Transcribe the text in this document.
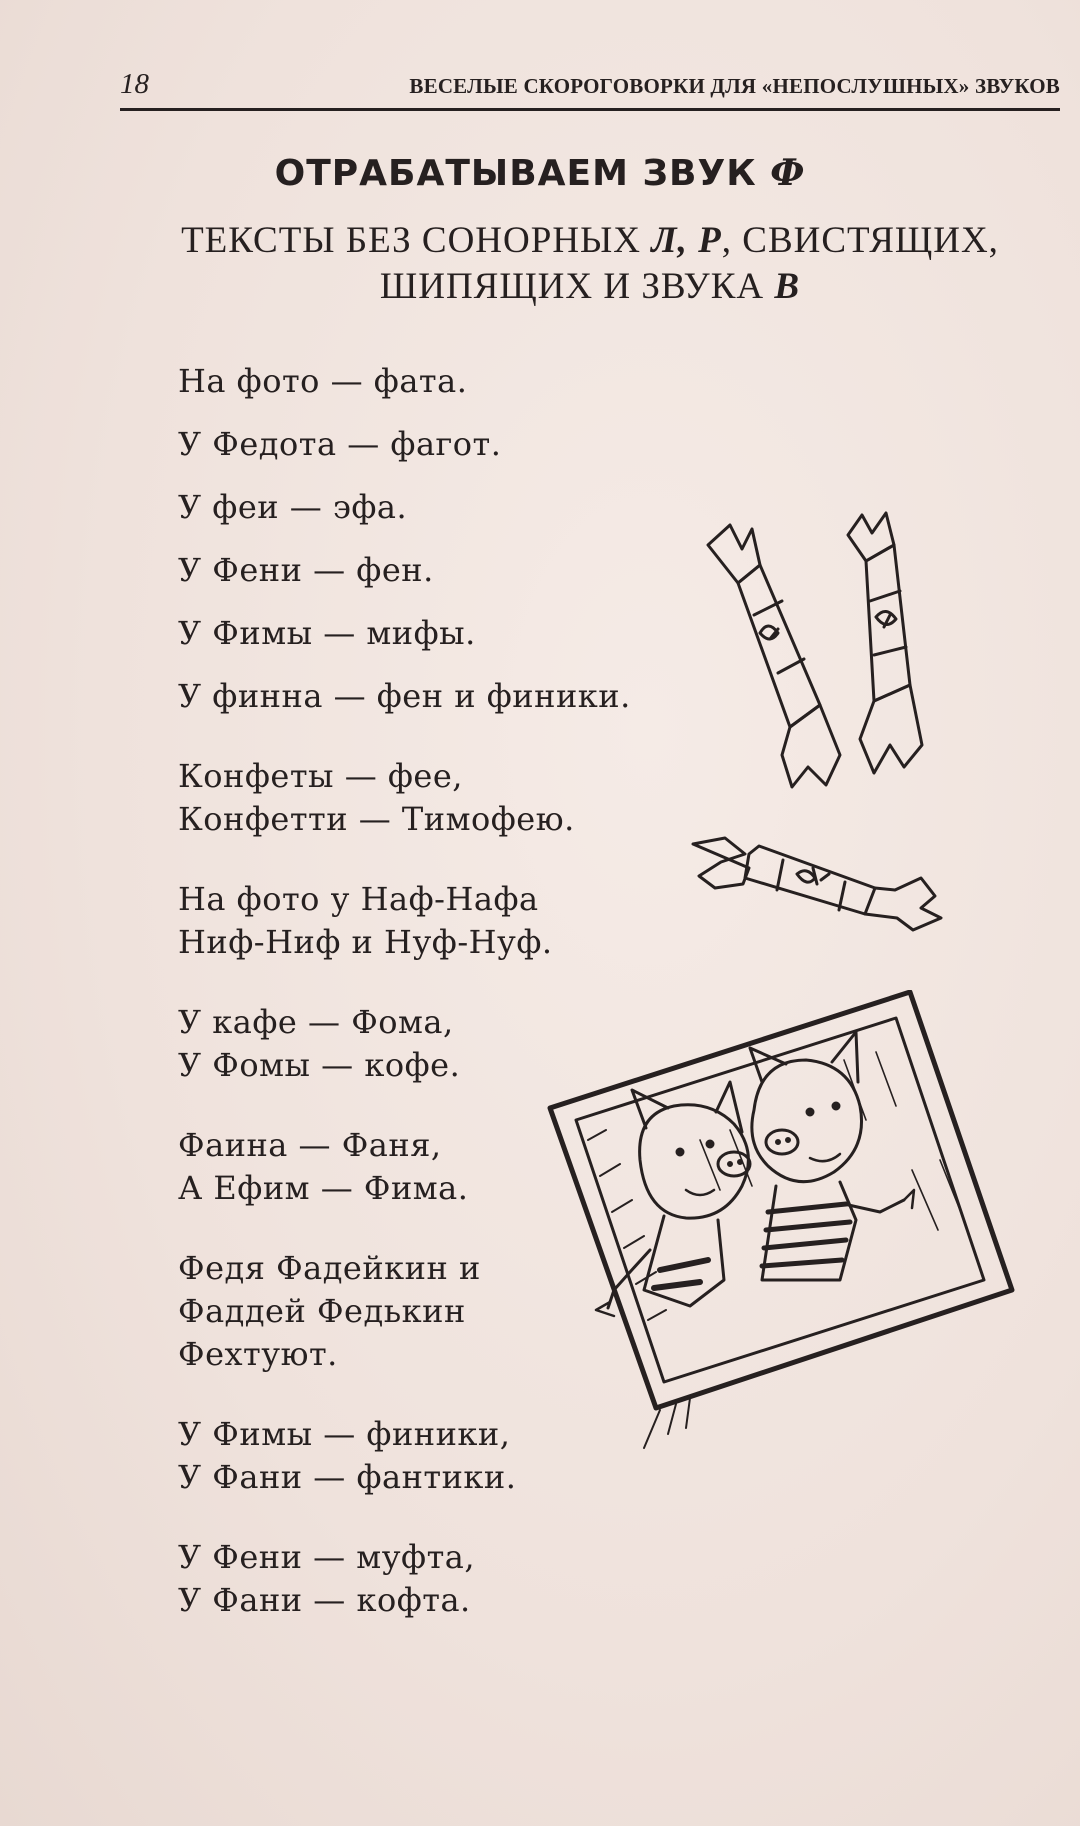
18	ВЕСЕЛЫЕ СКОРОГОВОРКИ ДЛЯ «НЕПОСЛУШНЫХ» ЗВУКОВ
ОТРАБАТЫВАЕМ ЗВУК Ф
ТЕКСТЫ БЕЗ СОНОРНЫХ Л, Р, СВИСТЯЩИХ,
ШИПЯЩИХ И ЗВУКА В
На фото — фата.
У Федота — фагот.
У феи — эфа.
У Фени — фен.
У Фимы — мифы.
У финна — фен и финики.
Конфеты — фее,
Конфетти — Тимофею.
На фото у Наф-Нафа
Ниф-Ниф и Нуф-Нуф.
У кафе — Фома,
У Фомы — кофе.
Фаина — Фаня,
А Ефим — Фима.
Федя Фадейкин и
Фаддей Федькин
Фехтуют.
У Фимы — финики,
У Фани — фантики.
У Фени — муфта,
У Фани — кофта.
